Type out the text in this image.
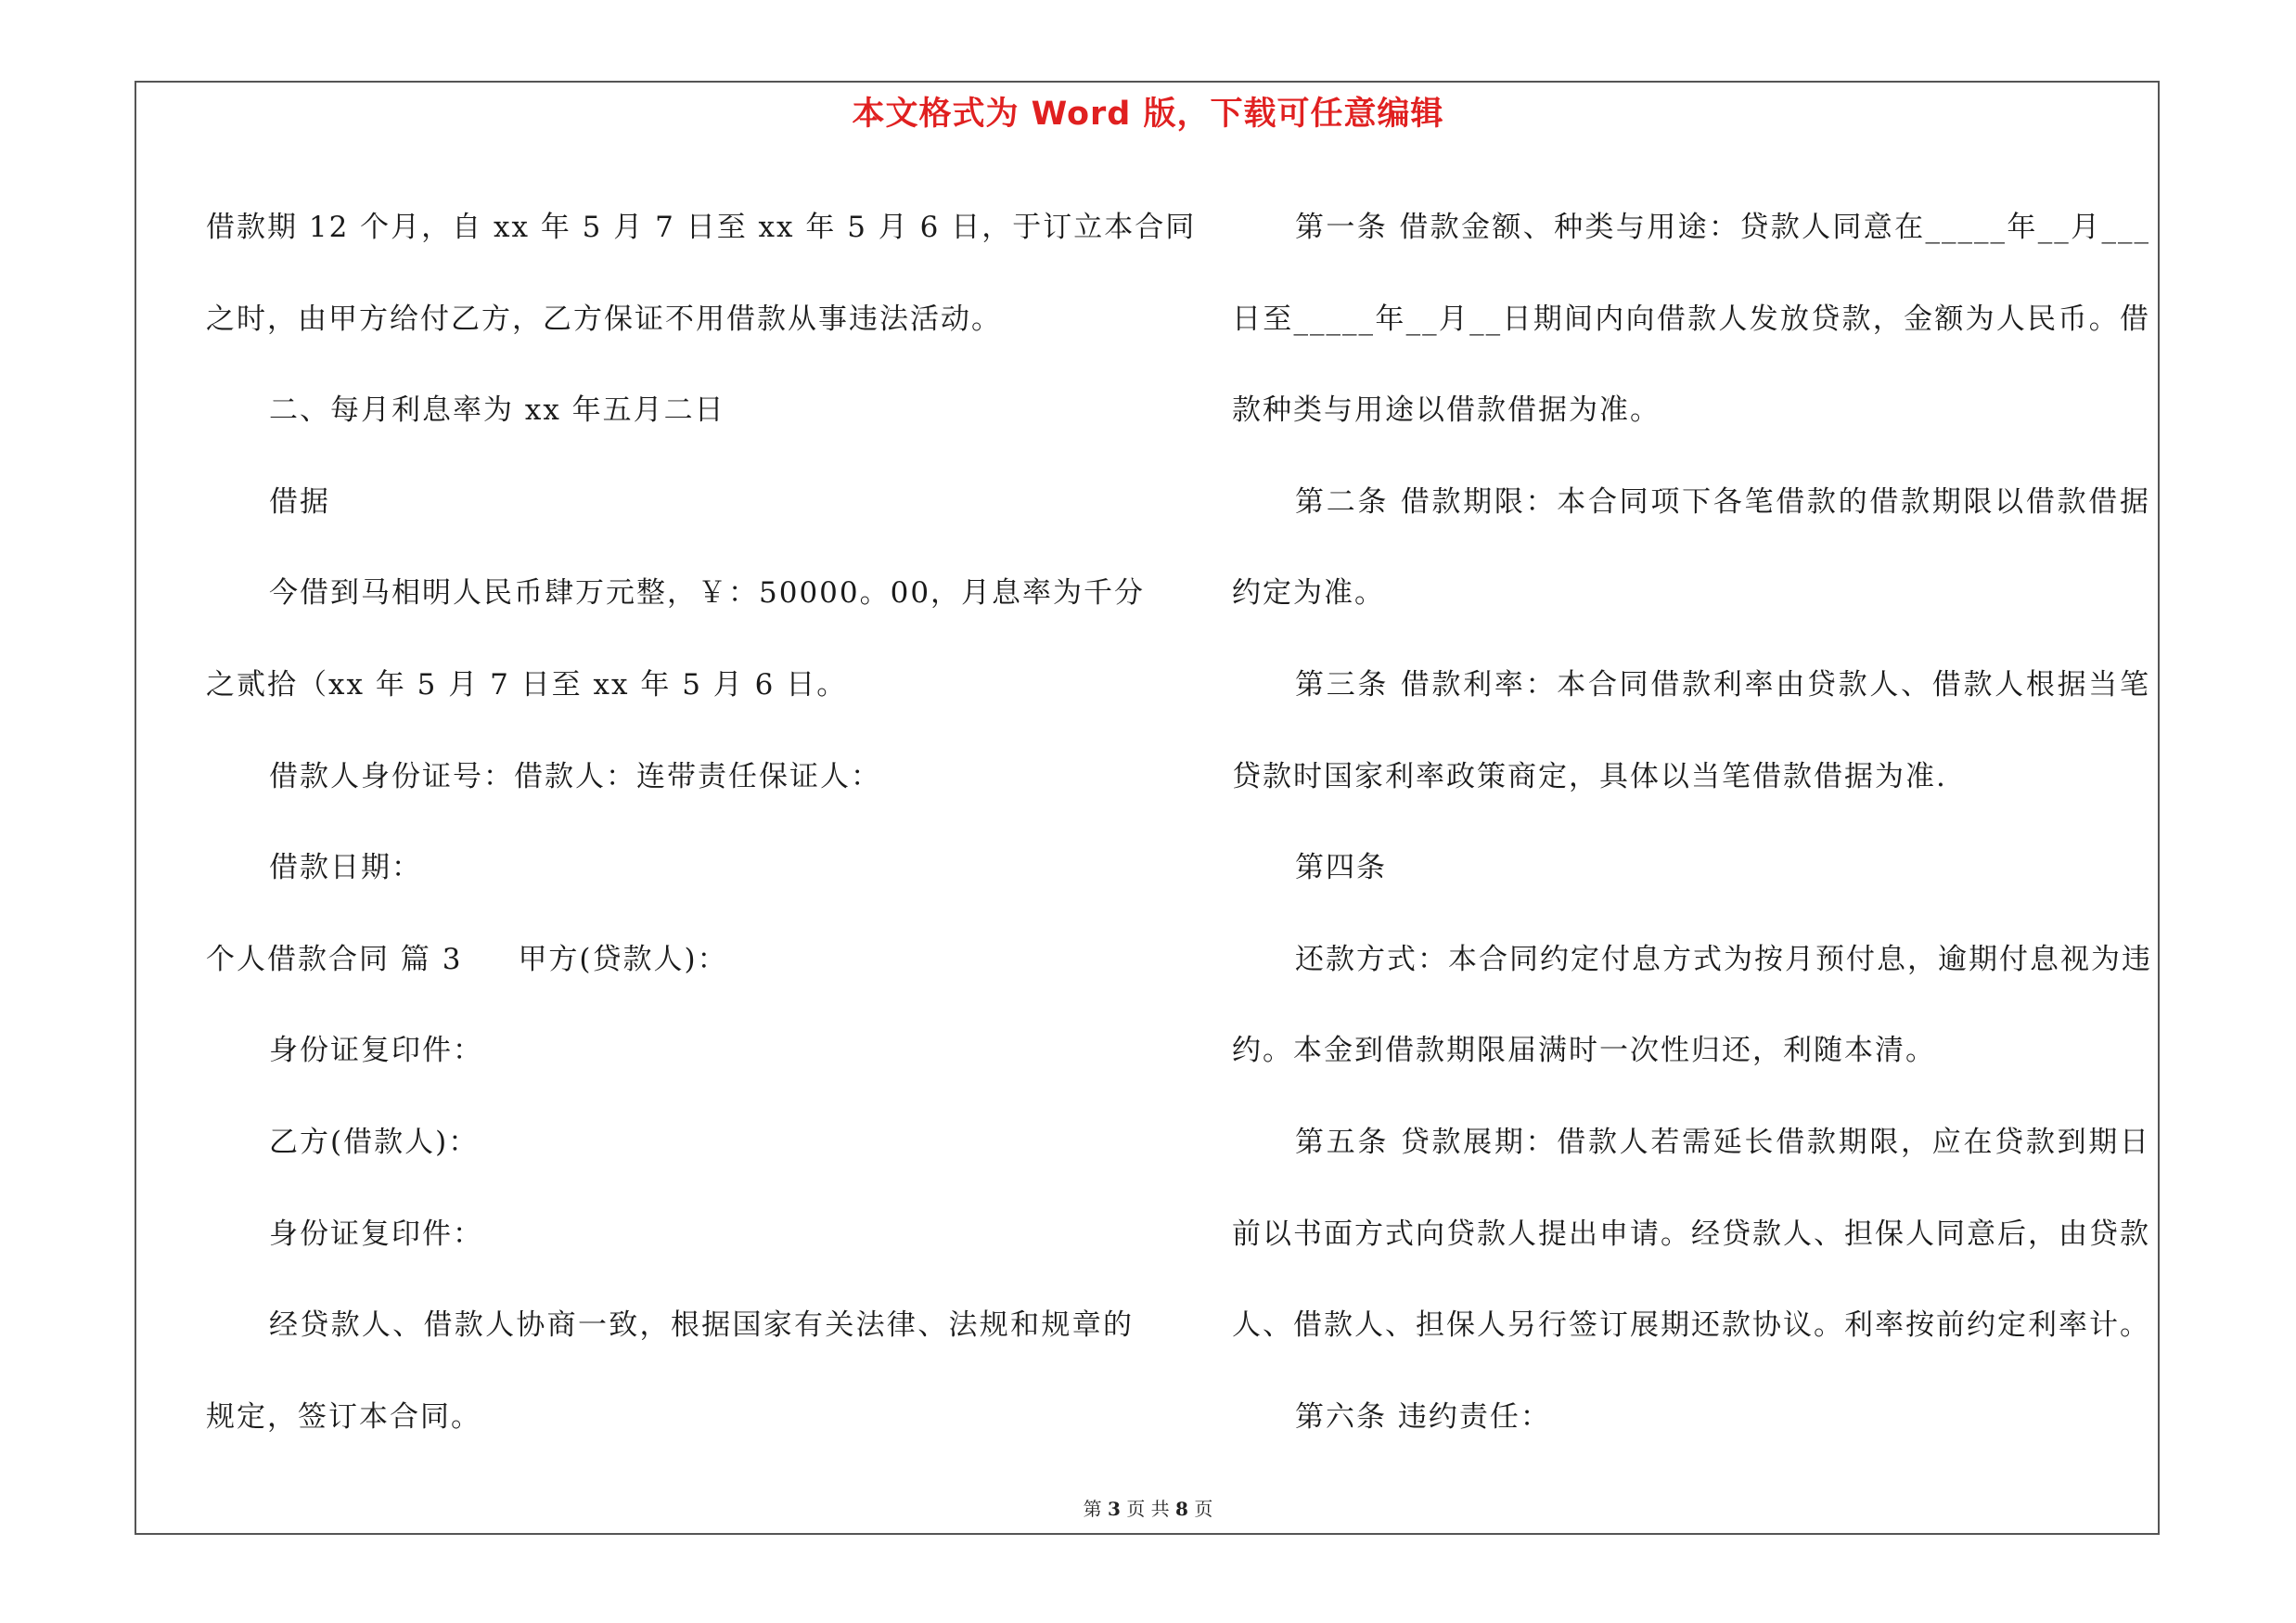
本文格式为 Word 版，下载可任意编辑
借款期 12 个月，自 xx 年 5 月 7 日至 xx 年 5 月 6 日，于订立本合同
之时，由甲方给付乙方，乙方保证不用借款从事违法活动。
二、每月利息率为 xx 年五月二日
借据
今借到马相明人民币肆万元整，￥：50000。00，月息率为千分
之贰拾（xx 年 5 月 7 日至 xx 年 5 月 6 日。
借款人身份证号：借款人：连带责任保证人：
借款日期：
个人借款合同 篇 3 甲方(贷款人)：
身份证复印件：
乙方(借款人)：
身份证复印件：
经贷款人、借款人协商一致，根据国家有关法律、法规和规章的
规定，签订本合同。
第一条 借款金额、种类与用途：贷款人同意在_____年__月___
日至_____年__月__日期间内向借款人发放贷款，金额为人民币。借
款种类与用途以借款借据为准。
第二条 借款期限：本合同项下各笔借款的借款期限以借款借据
约定为准。
第三条 借款利率：本合同借款利率由贷款人、借款人根据当笔
贷款时国家利率政策商定，具体以当笔借款借据为准.
第四条
还款方式：本合同约定付息方式为按月预付息，逾期付息视为违
约。本金到借款期限届满时一次性归还，利随本清。
第五条 贷款展期：借款人若需延长借款期限，应在贷款到期日
前以书面方式向贷款人提出申请。经贷款人、担保人同意后，由贷款
人、借款人、担保人另行签订展期还款协议。利率按前约定利率计。
第六条 违约责任：
第 3 页 共 8 页
